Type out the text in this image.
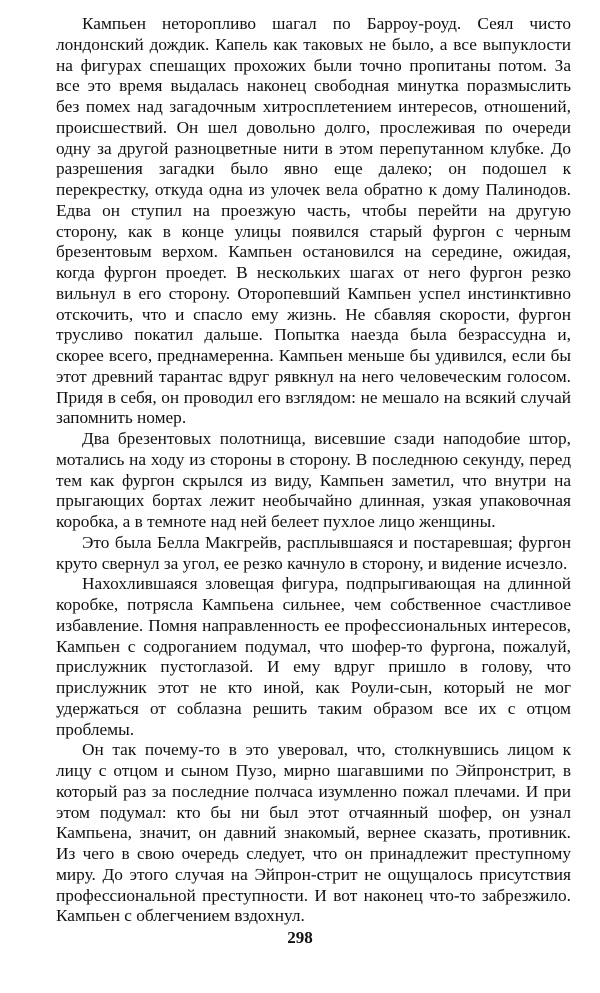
Кампьен неторопливо шагал по Барроу-роуд. Сеял чисто лондонский дождик. Капель как таковых не было, а все выпуклости на фигурах спешащих прохожих были точно пропитаны потом. За все это время выдалась наконец свободная минутка поразмыслить без помех над загадочным хитросплетением интересов, отношений, происшествий. Он шел довольно долго, прослеживая по очереди одну за другой разноцветные нити в этом перепутанном клубке. До разрешения загадки было явно еще далеко; он подошел к перекрестку, откуда одна из улочек вела обратно к дому Палинодов. Едва он ступил на проезжую часть, чтобы перейти на другую сторону, как в конце улицы появился старый фургон с черным брезентовым верхом. Кампьен остановился на середине, ожидая, когда фургон проедет. В нескольких шагах от него фургон резко вильнул в его сторону. Оторопевший Кампьен успел инстинктивно отскочить, что и спасло ему жизнь. Не сбавляя скорости, фургон трусливо покатил дальше. Попытка наезда была безрассудна и, скорее всего, преднамеренна. Кампьен меньше бы удивился, если бы этот древний тарантас вдруг рявкнул на него человеческим голосом. Придя в себя, он проводил его взглядом: не мешало на всякий случай запомнить номер.

Два брезентовых полотнища, висевшие сзади наподобие штор, мотались на ходу из стороны в сторону. В последнюю секунду, перед тем как фургон скрылся из виду, Кампьен заметил, что внутри на прыгающих бортах лежит необычайно длинная, узкая упаковочная коробка, а в темноте над ней белеет пухлое лицо женщины.

Это была Белла Макгрейв, расплывшаяся и постаревшая; фургон круто свернул за угол, ее резко качнуло в сторону, и видение исчезло.

Нахохлившаяся зловещая фигура, подпрыгивающая на длинной коробке, потрясла Кампьена сильнее, чем собственное счастливое избавление. Помня направленность ее профессиональных интересов, Кампьен с содроганием подумал, что шофер-то фургона, пожалуй, прислужник пустоглазой. И ему вдруг пришло в голову, что прислужник этот не кто иной, как Роули-сын, который не мог удержаться от соблазна решить таким образом все их с отцом проблемы.

Он так почему-то в это уверовал, что, столкнувшись лицом к лицу с отцом и сыном Пузо, мирно шагавшими по Эйпронстрит, в который раз за последние полчаса изумленно пожал плечами. И при этом подумал: кто бы ни был этот отчаянный шофер, он узнал Кампьена, значит, он давний знакомый, вернее сказать, противник. Из чего в свою очередь следует, что он принадлежит преступному миру. До этого случая на Эйпрон-стрит не ощущалось присутствия профессиональной преступности. И вот наконец что-то забрезжило. Кампьен с облегчением вздохнул.

298
